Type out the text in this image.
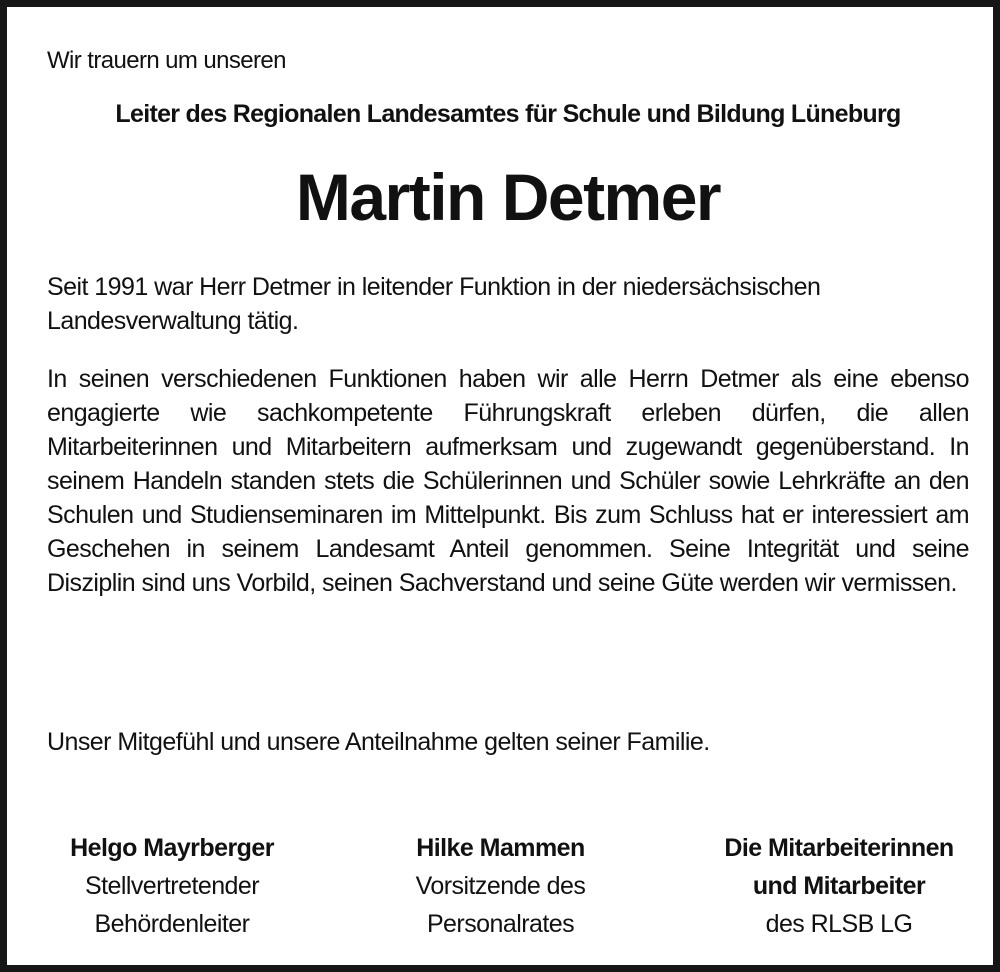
Wir trauern um unseren
Leiter des Regionalen Landesamtes für Schule und Bildung Lüneburg
Martin Detmer
Seit 1991 war Herr Detmer in leitender Funktion in der niedersächsischen Landesverwaltung tätig.
In seinen verschiedenen Funktionen haben wir alle Herrn Detmer als eine ebenso engagierte wie sachkompetente Führungskraft erleben dürfen, die allen Mitarbeiterinnen und Mitarbeitern aufmerksam und zugewandt gegenüberstand. In seinem Handeln standen stets die Schülerinnen und Schüler sowie Lehrkräfte an den Schulen und Studienseminaren im Mittelpunkt. Bis zum Schluss hat er interessiert am Geschehen in seinem Landesamt Anteil genommen. Seine Integrität und seine Disziplin sind uns Vorbild, seinen Sachverstand und seine Güte werden wir vermissen.
Unser Mitgefühl und unsere Anteilnahme gelten seiner Familie.
Helgo Mayrberger
Stellvertretender
Behördenleiter
Hilke Mammen
Vorsitzende des
Personalrates
Die Mitarbeiterinnen
und Mitarbeiter
des RLSB LG
